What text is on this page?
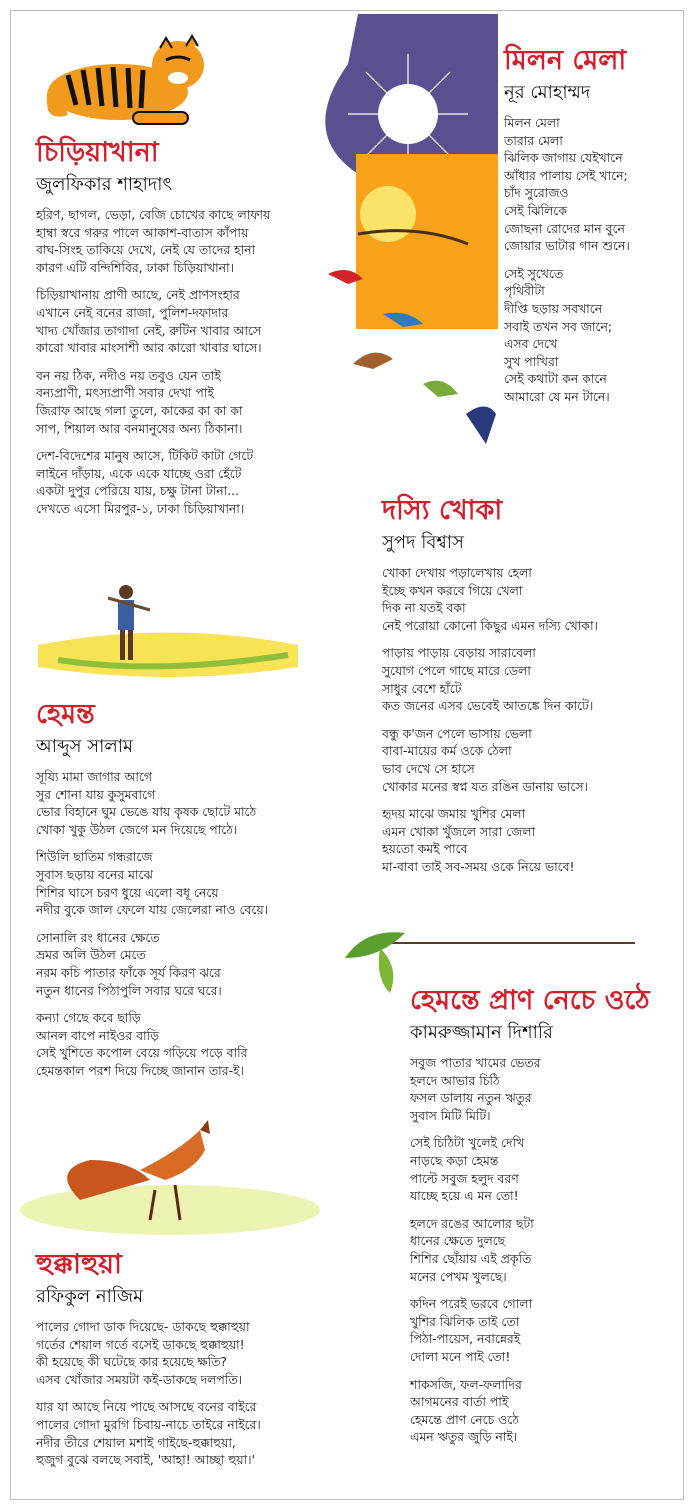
চিড়িয়াখানা
জুলফিকার শাহাদাৎ
হরিণ, ছাগল, ভেড়া, বেজি চোখের কাছে লাফায়
হাম্বা স্বরে গরুর পালে আকাশ-বাতাস কাঁপায়
বাঘ-সিংহ তাকিয়ে দেখে, নেই যে তাদের হানা
কারণ এটি বন্দিশিবির, ঢাকা চিড়িয়াখানা।
চিড়িয়াখানায় প্রাণী আছে, নেই প্রাণসংহার
এখানে নেই বনের রাজা, পুলিশ-দফাদার
খাদ্য খোঁজার তাগাদা নেই, রুটিন খাবার আসে
কারো খাবার মাংসাশী আর কারো খাবার ঘাসে।
বন নয় ঠিক, নদীও নয় তবুও যেন তাই
বন্যপ্রাণী, মৎস্যপ্রাণী সবার দেখা পাই
জিরাফ আছে গলা তুলে, কাকের কা কা কা
সাপ, শিয়াল আর বনমানুষের অন্য ঠিকানা।
দেশ-বিদেশের মানুষ আসে, টিকিট কাটা গেটে
লাইনে দাঁড়ায়, একে একে যাচ্ছে ওরা হেঁটে
একটা দুপুর পেরিয়ে যায়, চক্ষু টানা টানা...
দেখতে এসো মিরপুর-১, ঢাকা চিড়িয়াখানা।
মিলন মেলা
নূর মোহাম্মদ
মিলন মেলা
তারার মেলা
ঝিলিক জাগায় যেইখানে
আঁধার পালায় সেই খানে;
চাঁদ সুরোজও
সেই ঝিলিকে
জোছনা রোদের মান বুনে
জোয়ার ভাটার গান শুনে।
সেই সুখেতে
পৃথিবীটা
দীপ্তি ছড়ায় সবখানে
সবাই তখন সব জানে;
এসব দেখে
সুখ পাখিরা
সেই কথাটা কন কানে
আমারো যে মন টানে।
দস্যি খোকা
সুপদ বিশ্বাস
খোকা দেখায় পড়ালেখায় হেলা
ইচ্ছে কখন করবে গিয়ে খেলা
দিক না যতই বকা
নেই পরোয়া কোনো কিছুর এমন দস্যি খোকা।
পাড়ায় পাড়ায় বেড়ায় সারাবেলা
সুযোগ পেলে গাছে মারে ডেলা
সাধুর বেশে হাঁটে
কত জনের এসব ভেবেই আতঙ্কে দিন কাটে।
বন্ধু ক'জন পেলে ভাসায় ভেলা
বাবা-মায়ের কর্ম ওকে ঠেলা
ভাব দেখে সে হাসে
খোকার মনের স্বপ্ন যত রঙিন ডানায় ভাসে।
হৃদয় মাঝে জমায় খুশির মেলা
এমন খোকা খুঁজলে সারা জেলা
হয়তো কমই পাবে
মা-বাবা তাই সব-সময় ওকে নিয়ে ভাবে!
হেমন্ত
আব্দুস সালাম
সূয্যি মামা জাগার আগে
সুর শোনা যায় কুসুমবাগে
ভোর বিহানে ঘুম ভেঙে যায় কৃষক ছোটে মাঠে
খোকা খুকু উঠল জেগে মন দিয়েছে পাঠে।
শিউলি ছাতিম গন্ধরাজে
সুবাস ছড়ায় বনের মাঝে
শিশির ঘাসে চরণ ধুয়ে এলো বধূ নেয়ে
নদীর বুকে জাল ফেলে যায় জেলেরা নাও বেয়ে।
সোনালি রং ধানের ক্ষেতে
ভ্রমর অলি উঠল মেতে
নরম কচি পাতার ফাঁকে সূর্য কিরণ ঝরে
নতুন ধানের পিঠাপুলি সবার ঘরে ঘরে।
কন্যা গেছে কবে ছাড়ি
আনল বাপে নাইওর বাড়ি
সেই খুশিতে কপোল বেয়ে গড়িয়ে পড়ে বারি
হেমন্তকাল পরশ দিয়ে দিচ্ছে জানান তার-ই।
হেমন্তে প্রাণ নেচে ওঠে
কামরুজ্জামান দিশারি
সবুজ পাতার খামের ভেতর
হলদে আভার চিঠি
ফসল ডালায় নতুন ঋতুর
সুবাস মিটি মিটি।
সেই চিঠিটা খুলেই দেখি
নাড়ছে কড়া হেমন্ত
পাল্টে সবুজ হলুদ বরণ
যাচ্ছে হয়ে এ মন তো!
হলদে রঙের আলোর ছটা
ধানের ক্ষেতে দুলছে
শিশির ছোঁয়ায় এই প্রকৃতি
মনের পেখম খুলছে।
কদিন পরেই ভরবে গোলা
খুশির ঝিলিক তাই তো
পিঠা-পায়েস, নবান্নেরই
দোলা মনে পাই তো!
শাকসজি, ফল-ফলাদির
আগমনের বার্তা পাই
হেমন্তে প্রাণ নেচে ওঠে
এমন ঋতুর জুড়ি নাই।
হুক্কাহুয়া
রফিকুল নাজিম
পালের গোদা ডাক দিয়েছে- ডাকছে হুক্কাহুয়া
গর্তের শেয়াল গর্তে বসেই ডাকছে হুক্কাহুয়া!
কী হয়েছে কী ঘটেছে কার হয়েছে ক্ষতি?
এসব খোঁজার সময়টা কই-ডাকছে দলপতি।
যার যা আছে নিয়ে পাছে আসছে বনের বাইরে
পালের গোদা মুরগি চিবায়-নাচে তাইরে নাইরে।
নদীর তীরে শেয়াল মশাই গাইছে-হুক্কাহুয়া,
হুজুগ বুঝে বলছে সবাই, 'আহা! আচ্ছা হুয়া।'
